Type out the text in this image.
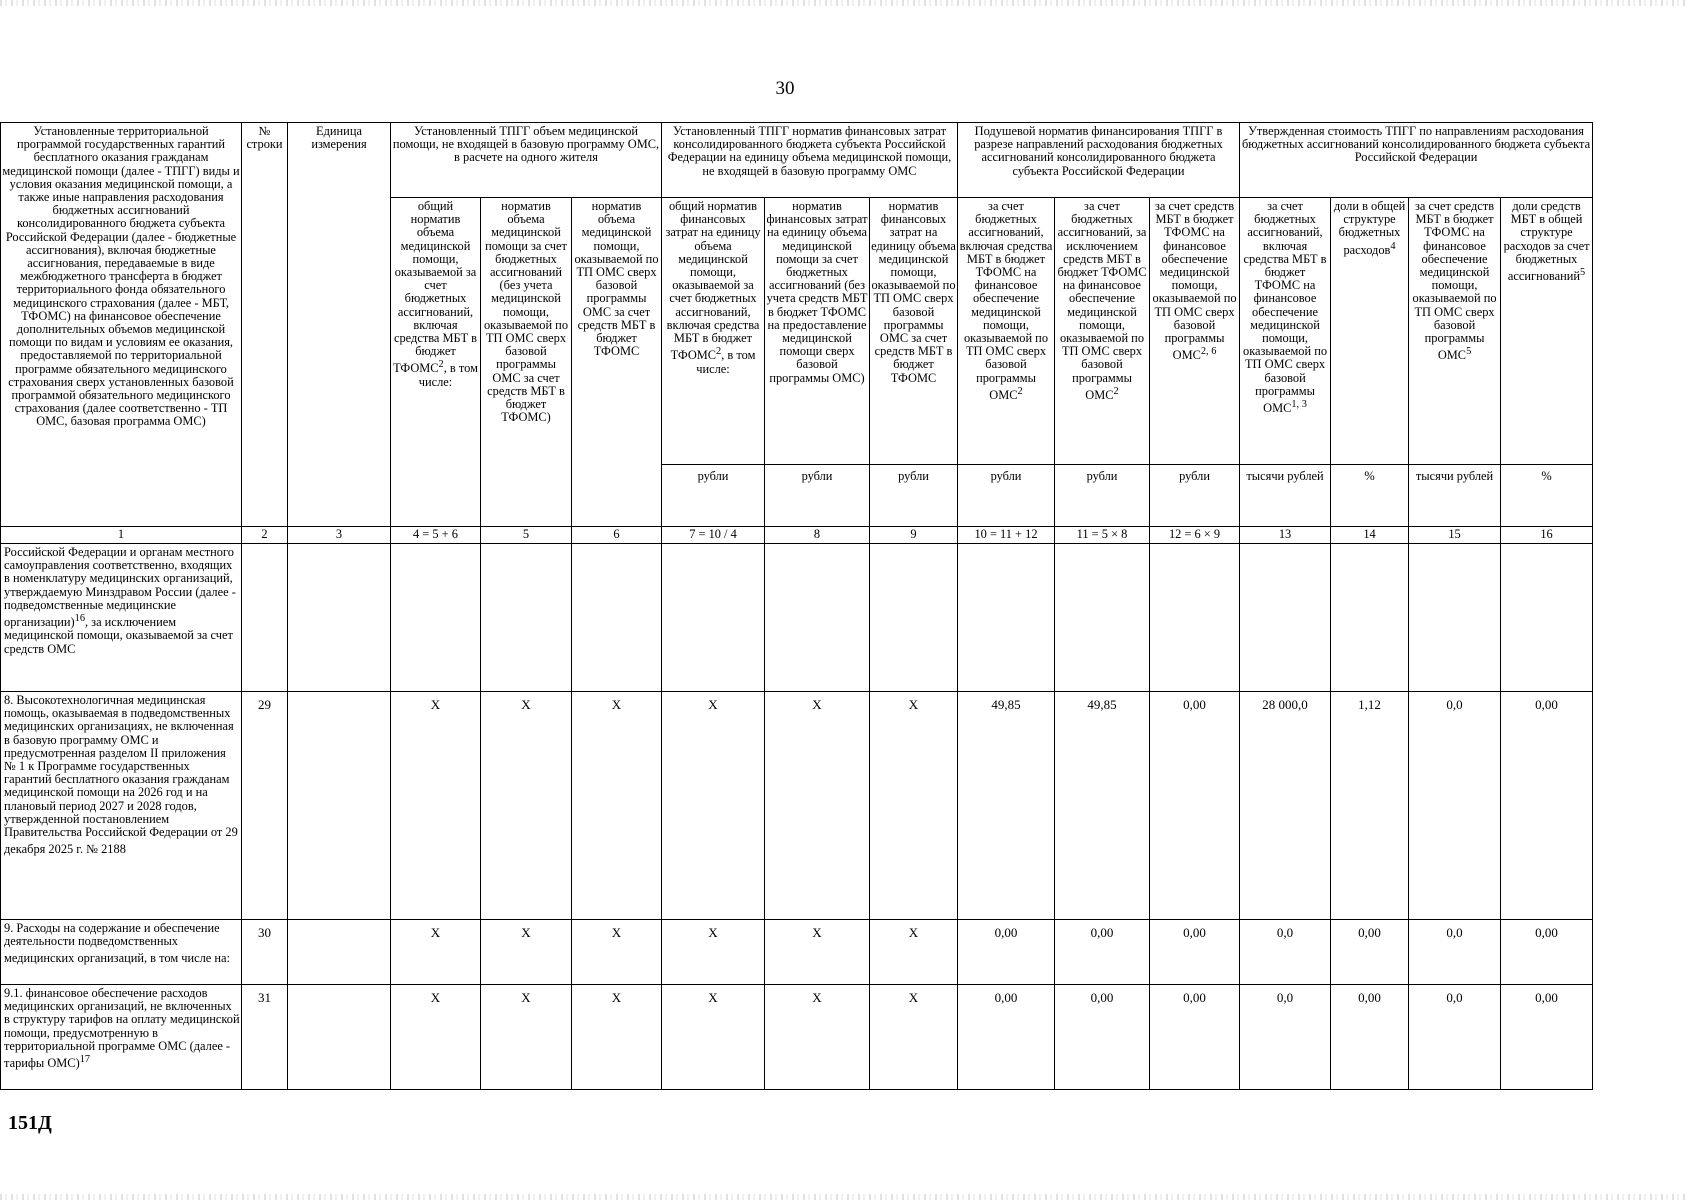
30
Установленные территориальной программой государственных гарантий бесплатного оказания гражданам медицинской помощи (далее - ТПГГ) виды и условия оказания медицинской помощи, а также иные направления расходования бюджетных ассигнований консолидированного бюджета субъекта Российской Федерации (далее - бюджетные ассигнования), включая бюджетные ассигнования, передаваемые в виде межбюджетного трансферта в бюджет территориального фонда обязательного медицинского страхования (далее - МБТ, ТФОМС) на финансовое обеспечение дополнительных объемов медицинской помощи по видам и условиям ее оказания, предоставляемой по территориальной программе обязательного медицинского страхования сверх установленных базовой программой обязательного медицинского страхования (далее соответственно - ТП ОМС, базовая программа ОМС)	№ строки	Единица измерения	Установленный ТПГГ объем медицинской помощи, не входящей в базовую программу ОМС, в расчете на одного жителя			Установленный ТПГГ норматив финансовых затрат консолидированного бюджета субъекта Российской Федерации на единицу объема медицинской помощи, не входящей в базовую программу ОМС			Подушевой норматив финансирования ТПГГ в разрезе направлений расходования бюджетных ассигнований консолидированного бюджета субъекта Российской Федерации			Утвержденная стоимость ТПГГ по направлениям расходования бюджетных ассигнований консолидированного бюджета субъекта Российской Федерации			
			общий норматив объема медицинской помощи, оказываемой за счет бюджетных ассигнований, включая средства МБТ в бюджет ТФОМС$^2$, в том числе:	норматив объема медицинской помощи за счет бюджетных ассигнований (без учета медицинской помощи, оказываемой по ТП ОМС сверх базовой программы ОМС за счет средств МБТ в бюджет ТФОМС)	норматив объема медицинской помощи, оказываемой по ТП ОМС сверх базовой программы ОМС за счет средств МБТ в бюджет ТФОМС	общий норматив финансовых затрат на единицу объема медицинской помощи, оказываемой за счет бюджетных ассигнований, включая средства МБТ в бюджет ТФОМС$^2$, в том числе:	норматив финансовых затрат на единицу объема медицинской помощи за счет бюджетных ассигнований (без учета средств МБТ в бюджет ТФОМС на предоставление медицинской помощи сверх базовой программы ОМС)	норматив финансовых затрат на единицу объема медицинской помощи, оказываемой по ТП ОМС сверх базовой программы ОМС за счет средств МБТ в бюджет ТФОМС	за счет бюджетных ассигнований, включая средства МБТ в бюджет ТФОМС на финансовое обеспечение медицинской помощи, оказываемой по ТП ОМС сверх базовой программы ОМС$^2$	за счет бюджетных ассигнований, за исключением средств МБТ в бюджет ТФОМС на финансовое обеспечение медицинской помощи, оказываемой по ТП ОМС сверх базовой программы ОМС$^2$	за счет средств МБТ в бюджет ТФОМС на финансовое обеспечение медицинской помощи, оказываемой по ТП ОМС сверх базовой программы ОМС$^{2, 6}$	за счет бюджетных ассигнований, включая средства МБТ в бюджет ТФОМС на финансовое обеспечение медицинской помощи, оказываемой по ТП ОМС сверх базовой программы ОМС$^{1, 3}$	доли в общей структуре бюджетных расходов$^4$	за счет средств МБТ в бюджет ТФОМС на финансовое обеспечение медицинской помощи, оказываемой по ТП ОМС сверх базовой программы ОМС$^5$	доли средств МБТ в общей структуре расходов за счет бюджетных ассигнований$^5$
						рубли	рубли	рубли	рубли	рубли	рубли	тысячи рублей	%	тысячи рублей	%
1	2	3	4 = 5 + 6	5	6	7 = 10 / 4	8	9	10 = 11 + 12	11 = 5 × 8	12 = 6 × 9	13	14	15	16
Российской Федерации и органам местного самоуправления соответственно, входящих в номенклатуру медицинских организаций, утверждаемую Минздравом России (далее - подведомственные медицинские организации)$^{16}$, за исключением медицинской помощи, оказываемой за счет средств ОМС															
8. Высокотехнологичная медицинская помощь, оказываемая в подведомственных медицинских организациях, не включенная в базовую программу ОМС и предусмотренная разделом II приложения № 1 к Программе государственных гарантий бесплатного оказания гражданам медицинской помощи на 2026 год и на плановый период 2027 и 2028 годов, утвержденной постановлением Правительства Российской Федерации от 29 декабря 2025 г. № 2188	29		X	X	X	X	X	X	49,85	49,85	0,00	28 000,0	1,12	0,0	0,00
9. Расходы на содержание и обеспечение деятельности подведомственных медицинских организаций, в том числе на:	30		X	X	X	X	X	X	0,00	0,00	0,00	0,0	0,00	0,0	0,00
9.1. финансовое обеспечение расходов медицинских организаций, не включенных в структуру тарифов на оплату медицинской помощи, предусмотренную в территориальной программе ОМС (далее - тарифы ОМС)$^{17}$	31		X	X	X	X	X	X	0,00	0,00	0,00	0,0	0,00	0,0	0,00
151Д
